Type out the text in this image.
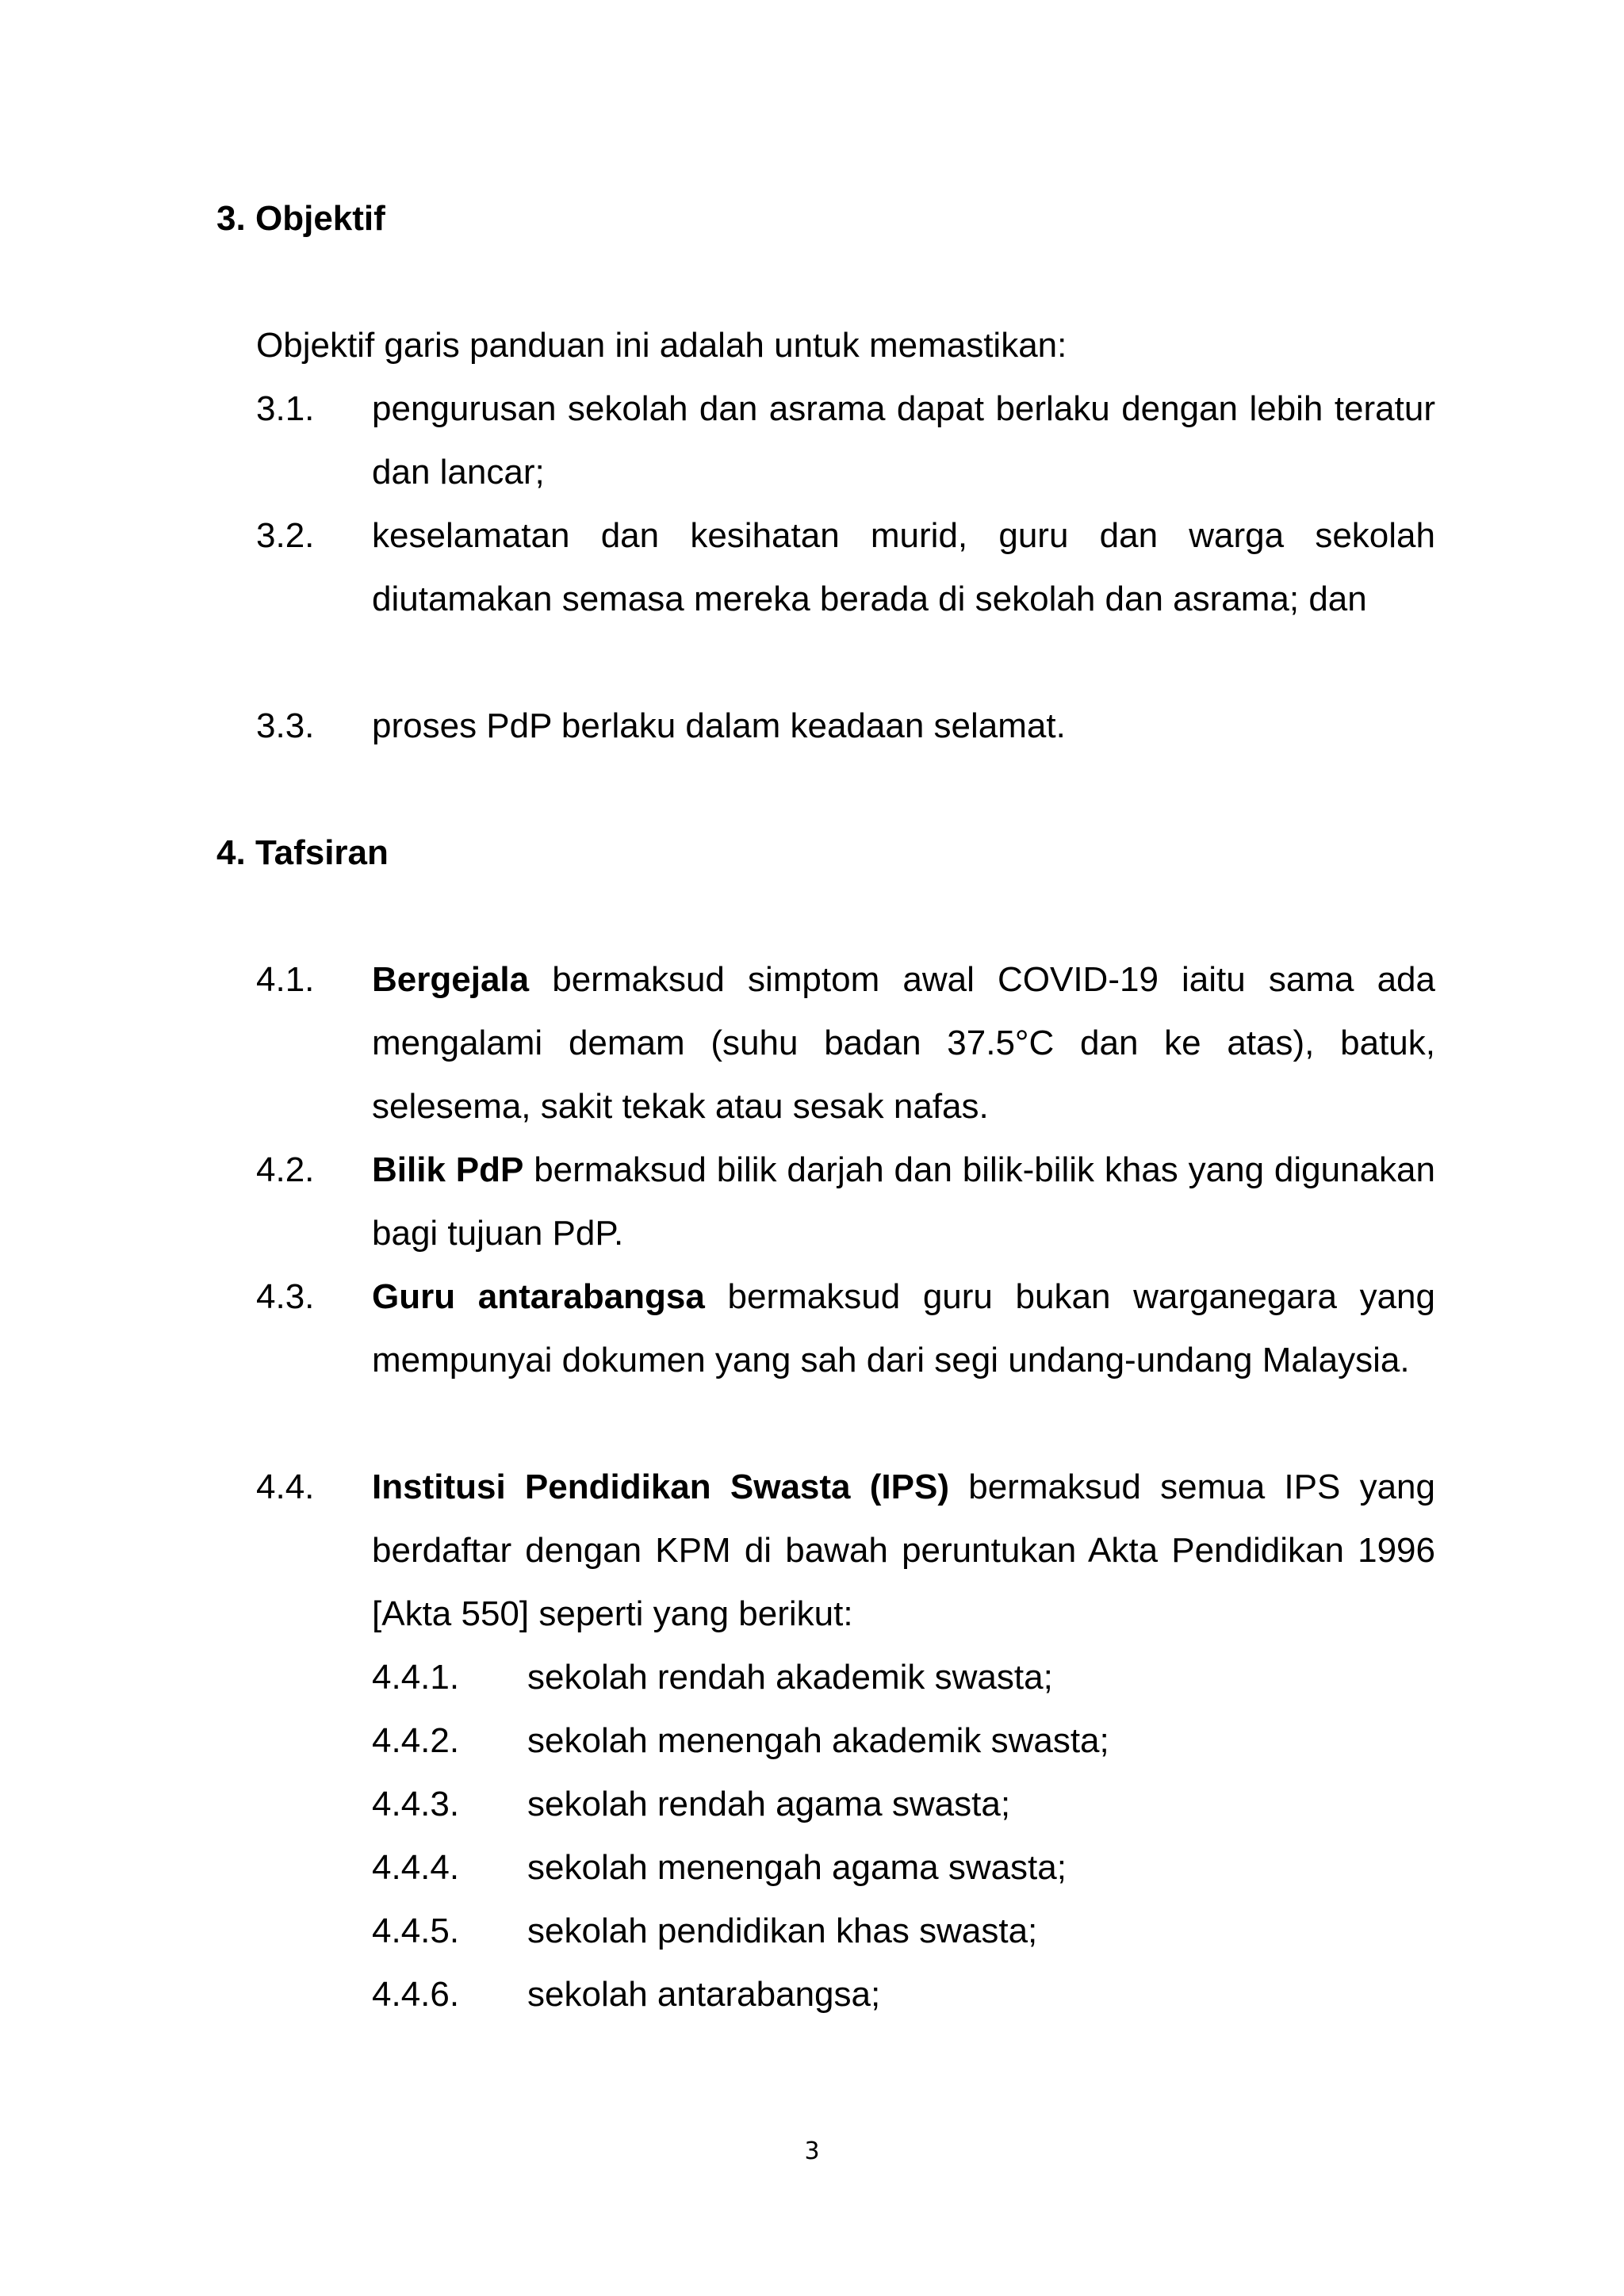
3. Objektif
Objektif garis panduan ini adalah untuk memastikan:
3.1. pengurusan sekolah dan asrama dapat berlaku dengan lebih teratur dan lancar;
3.2. keselamatan dan kesihatan murid, guru dan warga sekolah diutamakan semasa mereka berada di sekolah dan asrama; dan
3.3. proses PdP berlaku dalam keadaan selamat.
4. Tafsiran
4.1. Bergejala bermaksud simptom awal COVID-19 iaitu sama ada mengalami demam (suhu badan 37.5°C dan ke atas), batuk, selesema, sakit tekak atau sesak nafas.
4.2. Bilik PdP bermaksud bilik darjah dan bilik-bilik khas yang digunakan bagi tujuan PdP.
4.3. Guru antarabangsa bermaksud guru bukan warganegara yang mempunyai dokumen yang sah dari segi undang-undang Malaysia.
4.4. Institusi Pendidikan Swasta (IPS) bermaksud semua IPS yang berdaftar dengan KPM di bawah peruntukan Akta Pendidikan 1996 [Akta 550] seperti yang berikut:
4.4.1. sekolah rendah akademik swasta;
4.4.2. sekolah menengah akademik swasta;
4.4.3. sekolah rendah agama swasta;
4.4.4. sekolah menengah agama swasta;
4.4.5. sekolah pendidikan khas swasta;
4.4.6. sekolah antarabangsa;
3
